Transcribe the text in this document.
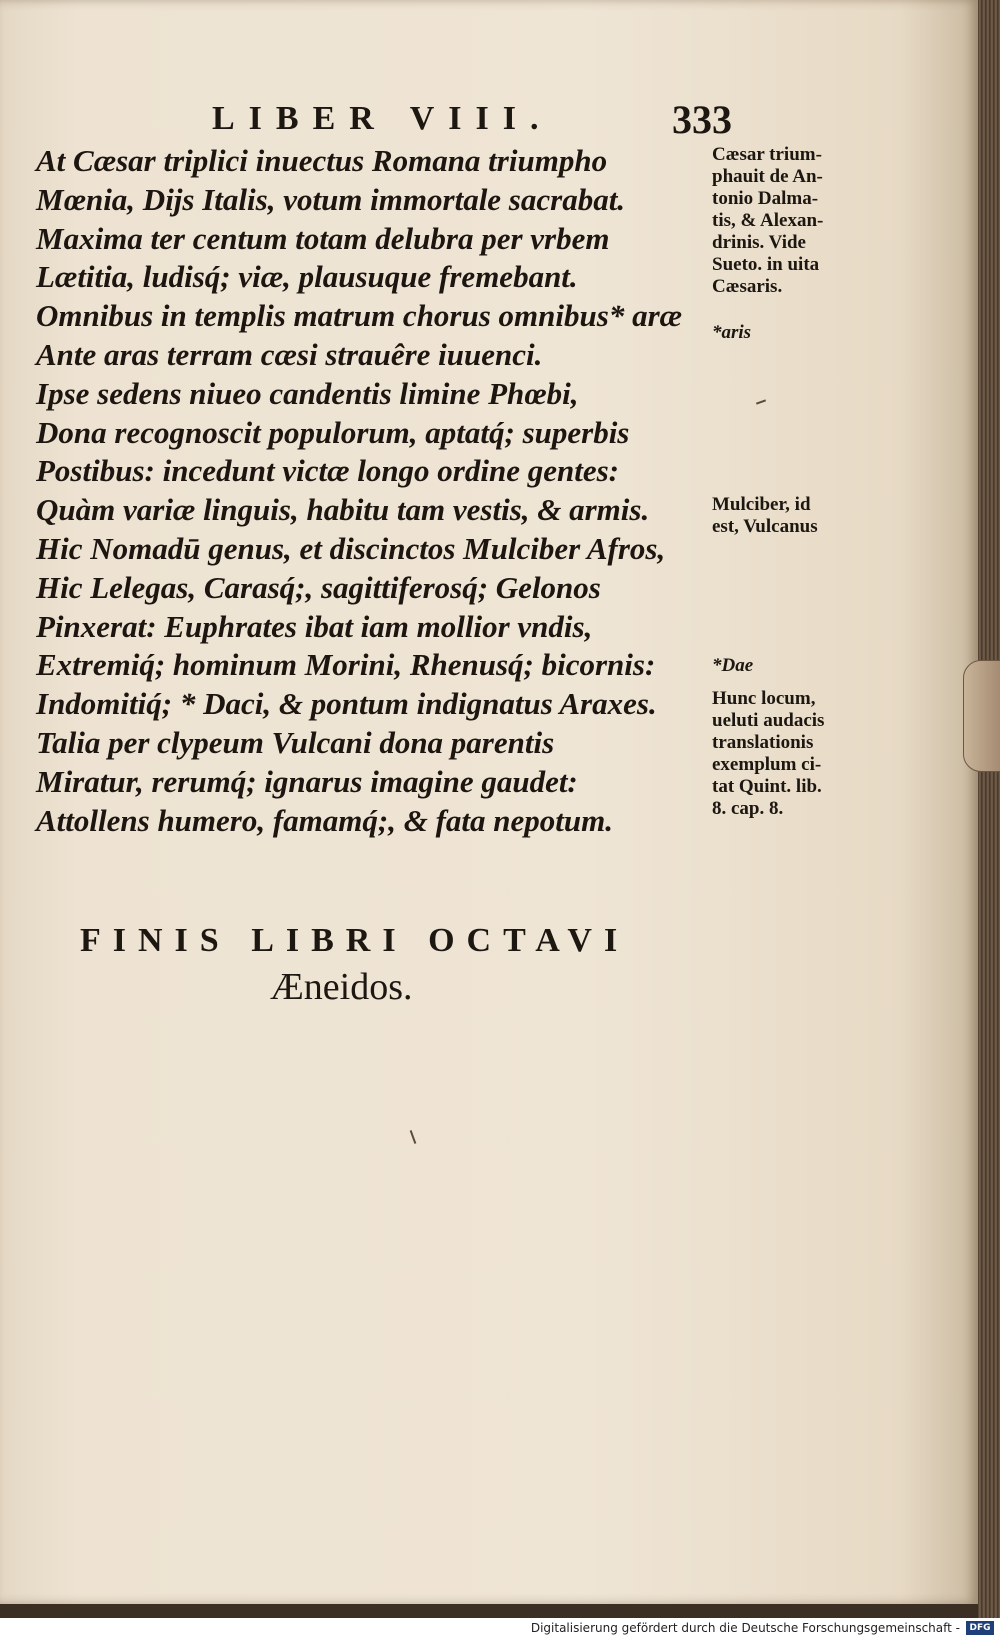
LIBER VIII.	333
At Cæsar triplici inuectus Romana triumpho
Mœnia, Dijs Italis, votum immortale sacrabat.
Maxima ter centum totam delubra per vrbem
Lætitia, ludisq́; viæ, plausuque fremebant.
Omnibus in templis matrum chorus omnibus* aræ
Ante aras terram cæsi strauêre iuuenci.
Ipse sedens niueo candentis limine Phœbi,
Dona recognoscit populorum, aptatq́; superbis
Postibus: incedunt victæ longo ordine gentes:
Quàm variæ linguis, habitu tam vestis, & armis.
Hic Nomadū genus, et discinctos Mulciber Afros,
Hic Lelegas, Carasq́;, sagittiferosq́; Gelonos
Pinxerat: Euphrates ibat iam mollior vndis,
Extremiq́; hominum Morini, Rhenusq́; bicornis:
Indomitiq́; * Daci, & pontum indignatus Araxes.
Talia per clypeum Vulcani dona parentis
Miratur, rerumq́; ignarus imagine gaudet:
Attollens humero, famamq́;, & fata nepotum.
Cæsar trium-
phauit de An-
tonio Dalma-
tis, & Alexan-
drinis. Vide
Sueto. in uita
Cæsaris.
*aris
Mulciber, id
est, Vulcanus
*Dae
Hunc locum,
ueluti audacis
translationis
exemplum ci-
tat Quint. lib.
8. cap. 8.
FINIS LIBRI OCTAVI
Æneidos.
Digitalisierung gefördert durch die Deutsche Forschungsgemeinschaft -	DFG
